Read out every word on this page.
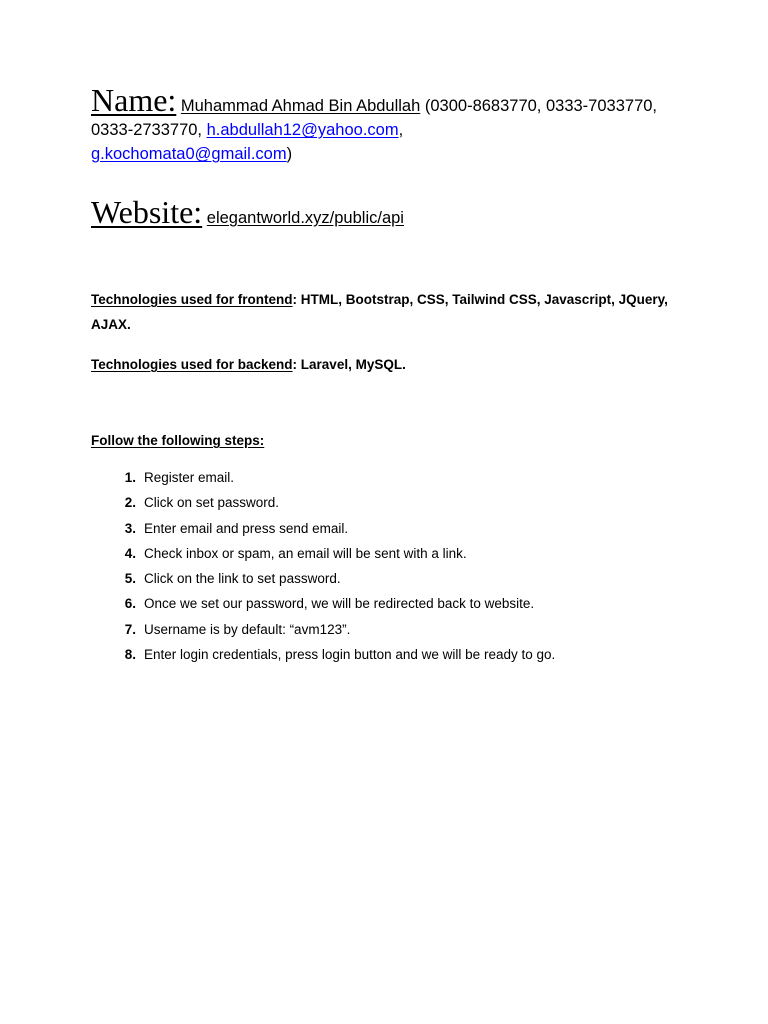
Name: Muhammad Ahmad Bin Abdullah (0300-8683770, 0333-7033770, 0333-2733770, h.abdullah12@yahoo.com,
g.kochomata0@gmail.com)

Website: elegantworld.xyz/public/api

Technologies used for frontend: HTML, Bootstrap, CSS, Tailwind CSS, Javascript, JQuery, AJAX.

Technologies used for backend: Laravel, MySQL.

Follow the following steps:

1. Register email.
2. Click on set password.
3. Enter email and press send email.
4. Check inbox or spam, an email will be sent with a link.
5. Click on the link to set password.
6. Once we set our password, we will be redirected back to website.
7. Username is by default: “avm123”.
8. Enter login credentials, press login button and we will be ready to go.
